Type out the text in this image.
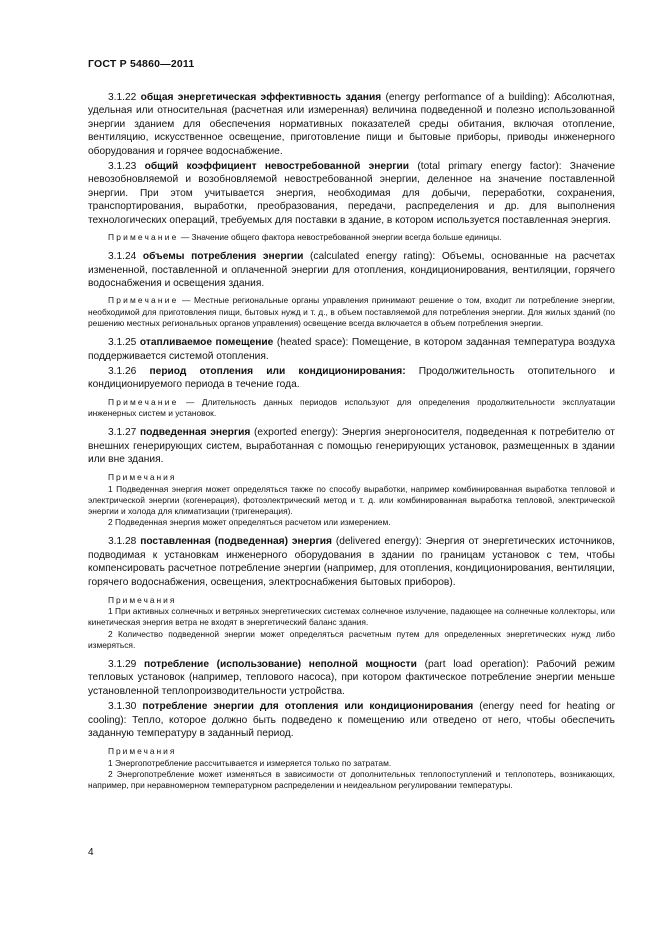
ГОСТ Р 54860—2011

3.1.22 общая энергетическая эффективность здания (energy performance of a building): Абсолютная, удельная или относительная (расчетная или измеренная) величина подведенной и полезно использованной энергии зданием для обеспечения нормативных показателей среды обитания, включая отопление, вентиляцию, искусственное освещение, приготовление пищи и бытовые приборы, приводы инженерного оборудования и горячее водоснабжение.

3.1.23 общий коэффициент невостребованной энергии (total primary energy factor): Значение невозобновляемой и возобновляемой невостребованной энергии, деленное на значение поставленной энергии. При этом учитывается энергия, необходимая для добычи, переработки, сохранения, транспортирования, выработки, преобразования, передачи, распределения и др. для выполнения технологических операций, требуемых для поставки в здание, в котором используется поставленная энергия.

Примечание — Значение общего фактора невостребованной энергии всегда больше единицы.

3.1.24 объемы потребления энергии (calculated energy rating): Объемы, основанные на расчетах измененной, поставленной и оплаченной энергии для отопления, кондиционирования, вентиляции, горячего водоснабжения и освещения здания.

Примечание — Местные региональные органы управления принимают решение о том, входит ли потребление энергии, необходимой для приготовления пищи, бытовых нужд и т. д., в объем поставляемой для потребления энергии. Для жилых зданий (по решению местных региональных органов управления) освещение всегда включается в объем потребления энергии.

3.1.25 отапливаемое помещение (heated space): Помещение, в котором заданная температура воздуха поддерживается системой отопления.

3.1.26 период отопления или кондиционирования: Продолжительность отопительного и кондиционируемого периода в течение года.

Примечание — Длительность данных периодов используют для определения продолжительности эксплуатации инженерных систем и установок.

3.1.27 подведенная энергия (exported energy): Энергия энергоносителя, подведенная к потребителю от внешних генерирующих систем, выработанная с помощью генерирующих установок, размещенных в здании или вне здания.

Примечания

1 Подведенная энергия может определяться также по способу выработки, например комбинированная выработка тепловой и электрической энергии (когенерация), фотоэлектрический метод и т. д. или комбинированная выработка тепловой, электрической энергии и холода для климатизации (тригенерация).

2 Подведенная энергия может определяться расчетом или измерением.

3.1.28 поставленная (подведенная) энергия (delivered energy): Энергия от энергетических источников, подводимая к установкам инженерного оборудования в здании по границам установок с тем, чтобы компенсировать расчетное потребление энергии (например, для отопления, кондиционирования, вентиляции, горячего водоснабжения, освещения, электроснабжения бытовых приборов).

Примечания

1 При активных солнечных и ветряных энергетических системах солнечное излучение, падающее на солнечные коллекторы, или кинетическая энергия ветра не входят в энергетический баланс здания.

2 Количество подведенной энергии может определяться расчетным путем для определенных энергетических нужд либо измеряться.

3.1.29 потребление (использование) неполной мощности (part load operation): Рабочий режим тепловых установок (например, теплового насоса), при котором фактическое потребление энергии меньше установленной теплопроизводительности устройства.

3.1.30 потребление энергии для отопления или кондиционирования (energy need for heating or cooling): Тепло, которое должно быть подведено к помещению или отведено от него, чтобы обеспечить заданную температуру в заданный период.

Примечания

1 Энергопотребление рассчитывается и измеряется только по затратам.

2 Энергопотребление может изменяться в зависимости от дополнительных теплопоступлений и теплопотерь, возникающих, например, при неравномерном температурном распределении и неидеальном регулировании температуры.

4
